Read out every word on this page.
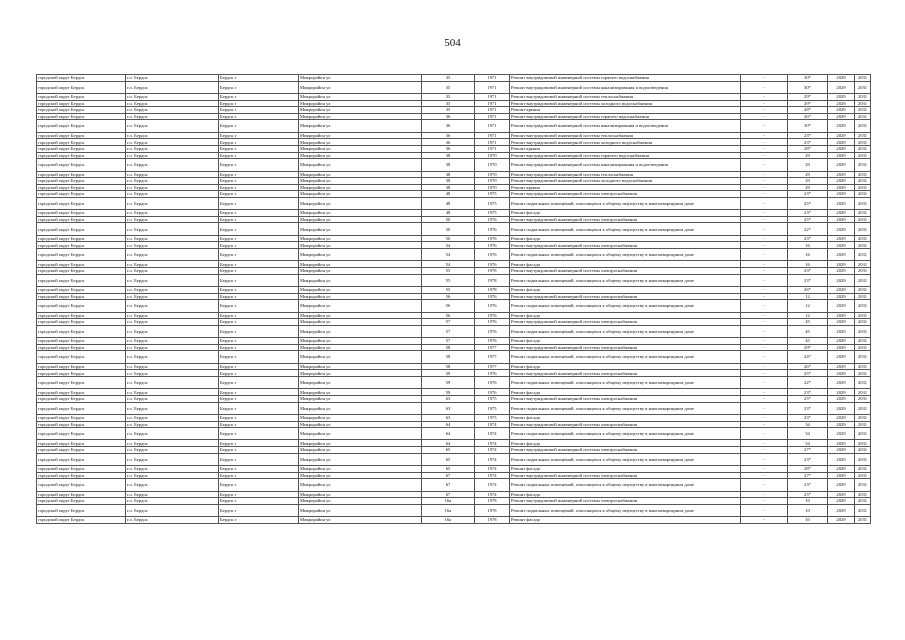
504
городской округ Бердск	г.о. Бердск	Бердск г	Микрорайон ул	35	1971	Ремонт внутридомовой инженерной системы горячего водоснабжения	-	30*	2029	2031
городской округ Бердск	г.о. Бердск	Бердск г	Микрорайон ул	35	1971	Ремонт внутридомовой инженерной системы канализирования и водоотведения	-	30*	2029	2031
городской округ Бердск	г.о. Бердск	Бердск г	Микрорайон ул	35	1971	Ремонт внутридомовой инженерной системы теплоснабжения	-	29*	2029	2031
городской округ Бердск	г.о. Бердск	Бердск г	Микрорайон ул	35	1971	Ремонт внутридомовой инженерной системы холодного водоснабжения	-	29*	2029	2031
городской округ Бердск	г.о. Бердск	Бердск г	Микрорайон ул	35	1971	Ремонт крыши	-	28*	2029	2031
городской округ Бердск	г.о. Бердск	Бердск г	Микрорайон ул	36	1971	Ремонт внутридомовой инженерной системы горячего водоснабжения	-	26*	2029	2031
городской округ Бердск	г.о. Бердск	Бердск г	Микрорайон ул	36	1971	Ремонт внутридомовой инженерной системы канализирования и водоотведения	-	30*	2029	2031
городской округ Бердск	г.о. Бердск	Бердск г	Микрорайон ул	36	1971	Ремонт внутридомовой инженерной системы теплоснабжения	-	23*	2029	2031
городской округ Бердск	г.о. Бердск	Бердск г	Микрорайон ул	36	1971	Ремонт внутридомовой инженерной системы холодного водоснабжения	-	23*	2029	2031
городской округ Бердск	г.о. Бердск	Бердск г	Микрорайон ул	36	1971	Ремонт крыши	-	28*	2029	2031
городской округ Бердск	г.о. Бердск	Бердск г	Микрорайон ул	38	1970	Ремонт внутридомовой инженерной системы горячего водоснабжения	-	29	2029	2031
городской округ Бердск	г.о. Бердск	Бердск г	Микрорайон ул	38	1970	Ремонт внутридомовой инженерной системы канализирования и водоотведения	-	29	2029	2031
городской округ Бердск	г.о. Бердск	Бердск г	Микрорайон ул	38	1970	Ремонт внутридомовой инженерной системы теплоснабжения	-	29	2029	2031
городской округ Бердск	г.о. Бердск	Бердск г	Микрорайон ул	38	1970	Ремонт внутридомовой инженерной системы холодного водоснабжения	-	29	2029	2031
городской округ Бердск	г.о. Бердск	Бердск г	Микрорайон ул	38	1970	Ремонт крыши	-	29	2029	2031
городской округ Бердск	г.о. Бердск	Бердск г	Микрорайон ул	48	1975	Ремонт внутридомовой инженерной системы электроснабжения	-	23*	2029	2031
городской округ Бердск	г.о. Бердск	Бердск г	Микрорайон ул	48	1975	Ремонт подвальных помещений, относящихся к общему имуществу в многоквартирном доме	-	25*	2029	2031
городской округ Бердск	г.о. Бердск	Бердск г	Микрорайон ул	48	1975	Ремонт фасада	-	23*	2029	2031
городской округ Бердск	г.о. Бердск	Бердск г	Микрорайон ул	50	1976	Ремонт внутридомовой инженерной системы электроснабжения	-	25*	2029	2031
городской округ Бердск	г.о. Бердск	Бердск г	Микрорайон ул	50	1976	Ремонт подвальных помещений, относящихся к общему имуществу в многоквартирном доме	-	22*	2029	2031
городской округ Бердск	г.о. Бердск	Бердск г	Микрорайон ул	50	1976	Ремонт фасада	-	23*	2029	2031
городской округ Бердск	г.о. Бердск	Бердск г	Микрорайон ул	54	1976	Ремонт внутридомовой инженерной системы электроснабжения	-	16	2029	2031
городской округ Бердск	г.о. Бердск	Бердск г	Микрорайон ул	54	1976	Ремонт подвальных помещений, относящихся к общему имуществу в многоквартирном доме	-	16	2029	2031
городской округ Бердск	г.о. Бердск	Бердск г	Микрорайон ул	54	1976	Ремонт фасада	-	16	2029	2031
городской округ Бердск	г.о. Бердск	Бердск г	Микрорайон ул	55	1978	Ремонт внутридомовой инженерной системы электроснабжения	-	23*	2029	2031
городской округ Бердск	г.о. Бердск	Бердск г	Микрорайон ул	55	1978	Ремонт подвальных помещений, относящихся к общему имуществу в многоквартирном доме	-	23*	2029	2031
городской округ Бердск	г.о. Бердск	Бердск г	Микрорайон ул	55	1978	Ремонт фасада	-	26*	2029	2031
городской округ Бердск	г.о. Бердск	Бердск г	Микрорайон ул	56	1976	Ремонт внутридомовой инженерной системы электроснабжения	-	12	2029	2031
городской округ Бердск	г.о. Бердск	Бердск г	Микрорайон ул	56	1976	Ремонт подвальных помещений, относящихся к общему имуществу в многоквартирном доме	-	12	2029	2031
городской округ Бердск	г.о. Бердск	Бердск г	Микрорайон ул	56	1976	Ремонт фасада	-	12	2029	2031
городской округ Бердск	г.о. Бердск	Бердск г	Микрорайон ул	57	1976	Ремонт внутридомовой инженерной системы электроснабжения	-	45	2029	2031
городской округ Бердск	г.о. Бердск	Бердск г	Микрорайон ул	57	1976	Ремонт подвальных помещений, относящихся к общему имуществу в многоквартирном доме	-	45	2029	2031
городской округ Бердск	г.о. Бердск	Бердск г	Микрорайон ул	57	1976	Ремонт фасада	-	45	2029	2031
городской округ Бердск	г.о. Бердск	Бердск г	Микрорайон ул	58	1977	Ремонт внутридомовой инженерной системы электроснабжения	-	29*	2029	2031
городской округ Бердск	г.о. Бердск	Бердск г	Микрорайон ул	58	1977	Ремонт подвальных помещений, относящихся к общему имуществу в многоквартирном доме	-	24*	2029	2031
городской округ Бердск	г.о. Бердск	Бердск г	Микрорайон ул	58	1977	Ремонт фасада	-	26*	2029	2031
городской округ Бердск	г.о. Бердск	Бердск г	Микрорайон ул	59	1976	Ремонт внутридомовой инженерной системы электроснабжения	-	25*	2029	2031
городской округ Бердск	г.о. Бердск	Бердск г	Микрорайон ул	59	1976	Ремонт подвальных помещений, относящихся к общему имуществу в многоквартирном доме	-	22*	2029	2031
городской округ Бердск	г.о. Бердск	Бердск г	Микрорайон ул	59	1976	Ремонт фасада	-	23*	2029	2031
городской округ Бердск	г.о. Бердск	Бердск г	Микрорайон ул	63	1975	Ремонт внутридомовой инженерной системы электроснабжения	-	25*	2029	2031
городской округ Бердск	г.о. Бердск	Бердск г	Микрорайон ул	63	1975	Ремонт подвальных помещений, относящихся к общему имуществу в многоквартирном доме	-	23*	2029	2031
городской округ Бердск	г.о. Бердск	Бердск г	Микрорайон ул	63	1975	Ремонт фасада	-	23*	2029	2031
городской округ Бердск	г.о. Бердск	Бердск г	Микрорайон ул	64	1974	Ремонт внутридомовой инженерной системы электроснабжения	-	34	2029	2031
городской округ Бердск	г.о. Бердск	Бердск г	Микрорайон ул	64	1974	Ремонт подвальных помещений, относящихся к общему имуществу в многоквартирном доме	-	34	2029	2031
городской округ Бердск	г.о. Бердск	Бердск г	Микрорайон ул	64	1974	Ремонт фасада	-	34	2029	2031
городской округ Бердск	г.о. Бердск	Бердск г	Микрорайон ул	65	1974	Ремонт внутридомовой инженерной системы электроснабжения	-	27*	2029	2031
городской округ Бердск	г.о. Бердск	Бердск г	Микрорайон ул	65	1974	Ремонт подвальных помещений, относящихся к общему имуществу в многоквартирном доме	-	23*	2029	2031
городской округ Бердск	г.о. Бердск	Бердск г	Микрорайон ул	65	1974	Ремонт фасада	-	28*	2029	2031
городской округ Бердск	г.о. Бердск	Бердск г	Микрорайон ул	67	1974	Ремонт внутридомовой инженерной системы электроснабжения	-	27*	2029	2031
городской округ Бердск	г.о. Бердск	Бердск г	Микрорайон ул	67	1974	Ремонт подвальных помещений, относящихся к общему имуществу в многоквартирном доме	-	23*	2029	2031
городской округ Бердск	г.о. Бердск	Бердск г	Микрорайон ул	67	1974	Ремонт фасада	-	25*	2029	2031
городской округ Бердск	г.о. Бердск	Бердск г	Микрорайон ул	16а	1978	Ремонт внутридомовой инженерной системы электроснабжения	-	10	2029	2031
городской округ Бердск	г.о. Бердск	Бердск г	Микрорайон ул	16а	1978	Ремонт подвальных помещений, относящихся к общему имуществу в многоквартирном доме	-	10	2029	2031
городской округ Бердск	г.о. Бердск	Бердск г	Микрорайон ул	16а	1978	Ремонт фасада	-	10	2029	2031
